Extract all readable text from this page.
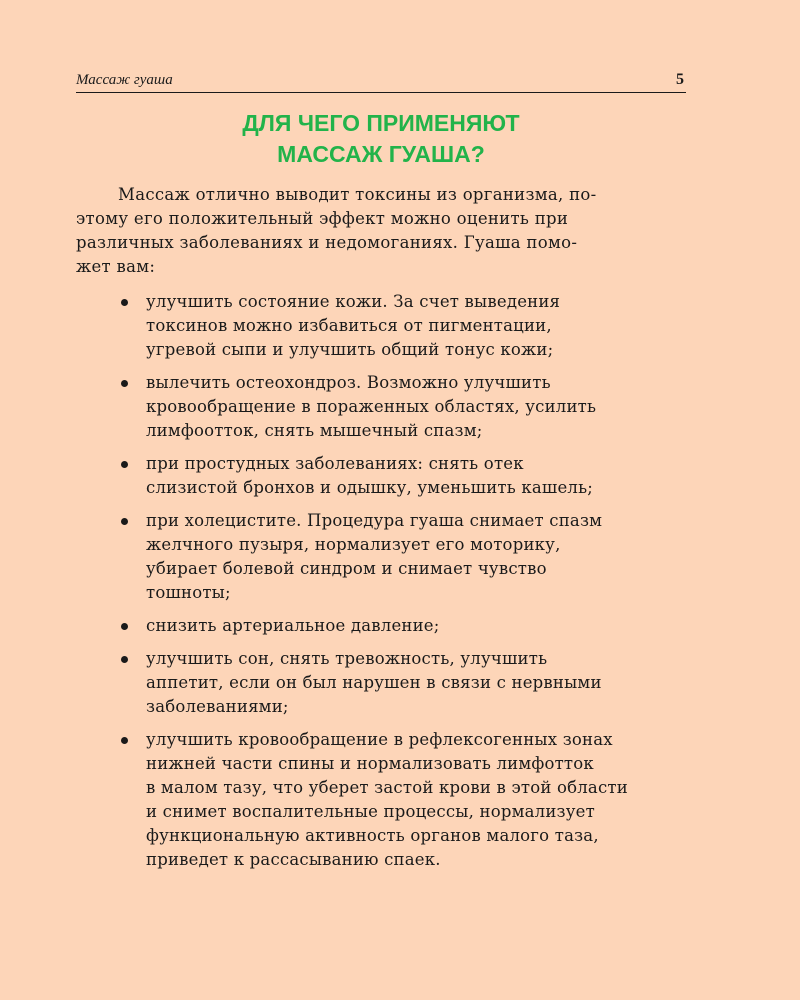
Массаж гуаша	5
ДЛЯ ЧЕГО ПРИМЕНЯЮТ
МАССАЖ ГУАША?

Массаж отлично выводит токсины из организма, по-
этому его положительный эффект можно оценить при
различных заболеваниях и недомоганиях. Гуаша помо-
жет вам:

улучшить состояние кожи. За счет выведения
токсинов можно избавиться от пигментации,
угревой сыпи и улучшить общий тонус кожи;
вылечить остеохондроз. Возможно улучшить
кровообращение в пораженных областях, усилить
лимфоотток, снять мышечный спазм;
при простудных заболеваниях: снять отек
слизистой бронхов и одышку, уменьшить кашель;
при холецистите. Процедура гуаша снимает спазм
желчного пузыря, нормализует его моторику,
убирает болевой синдром и снимает чувство
тошноты;
снизить артериальное давление;
улучшить сон, снять тревожность, улучшить
аппетит, если он был нарушен в связи с нервными
заболеваниями;
улучшить кровообращение в рефлексогенных зонах
нижней части спины и нормализовать лимфотток
в малом тазу, что уберет застой крови в этой области
и снимет воспалительные процессы, нормализует
функциональную активность органов малого таза,
приведет к рассасыванию спаек.
